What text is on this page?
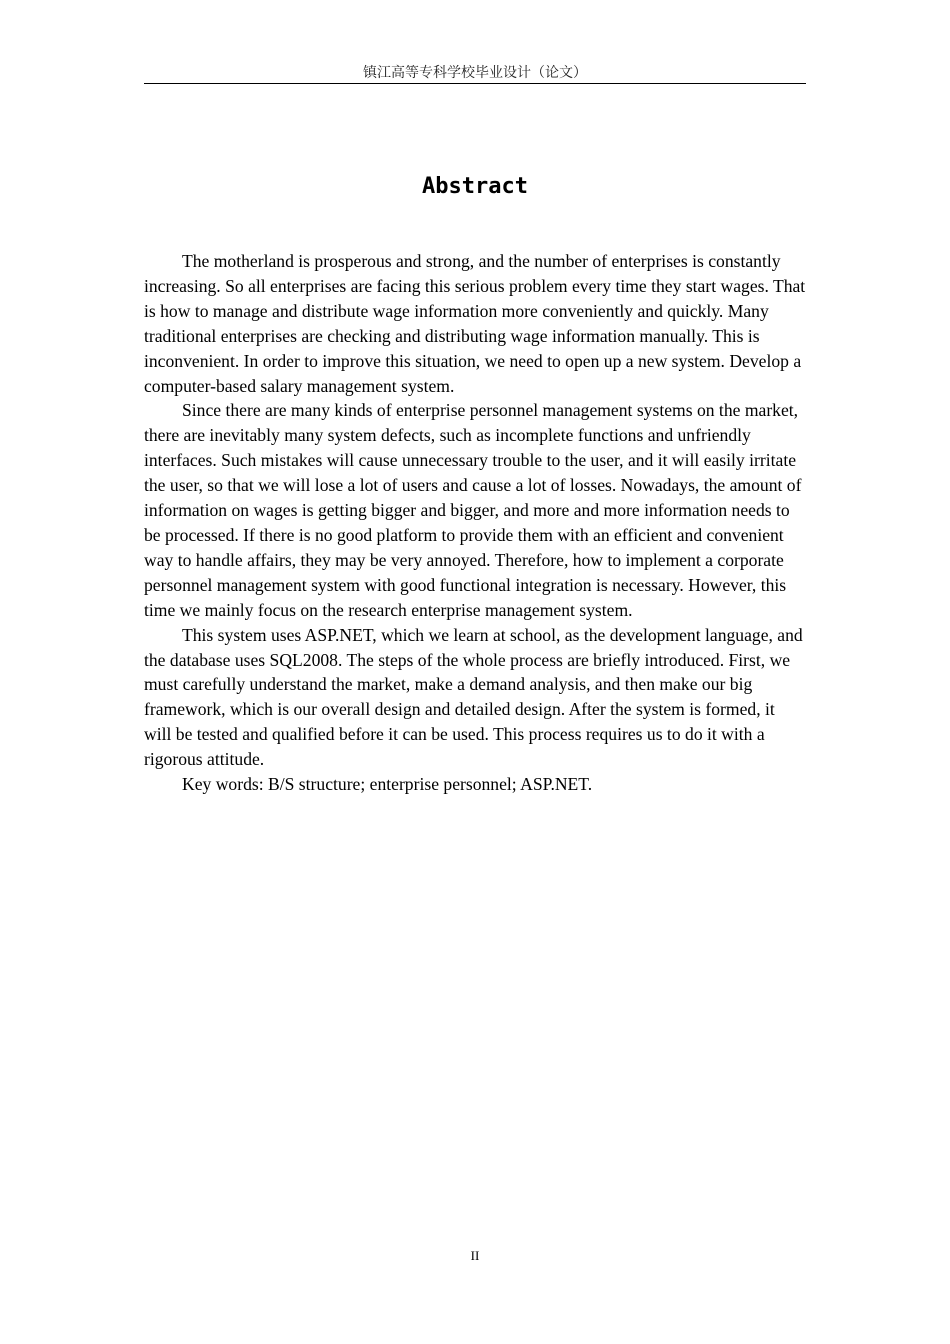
镇江高等专科学校毕业设计（论文）
Abstract

The motherland is prosperous and strong, and the number of enterprises is constantly increasing. So all enterprises are facing this serious problem every time they start wages. That is how to manage and distribute wage information more conveniently and quickly. Many traditional enterprises are checking and distributing wage information manually. This is inconvenient. In order to improve this situation, we need to open up a new system. Develop a computer-based salary management system.

Since there are many kinds of enterprise personnel management systems on the market, there are inevitably many system defects, such as incomplete functions and unfriendly interfaces. Such mistakes will cause unnecessary trouble to the user, and it will easily irritate the user, so that we will lose a lot of users and cause a lot of losses. Nowadays, the amount of information on wages is getting bigger and bigger, and more and more information needs to be processed. If there is no good platform to provide them with an efficient and convenient way to handle affairs, they may be very annoyed. Therefore, how to implement a corporate personnel management system with good functional integration is necessary. However, this time we mainly focus on the research enterprise management system.

This system uses ASP.NET, which we learn at school, as the development language, and the database uses SQL2008. The steps of the whole process are briefly introduced. First, we must carefully understand the market, make a demand analysis, and then make our big framework, which is our overall design and detailed design. After the system is formed, it will be tested and qualified before it can be used. This process requires us to do it with a rigorous attitude.

Key words: B/S structure; enterprise personnel; ASP.NET.

II
